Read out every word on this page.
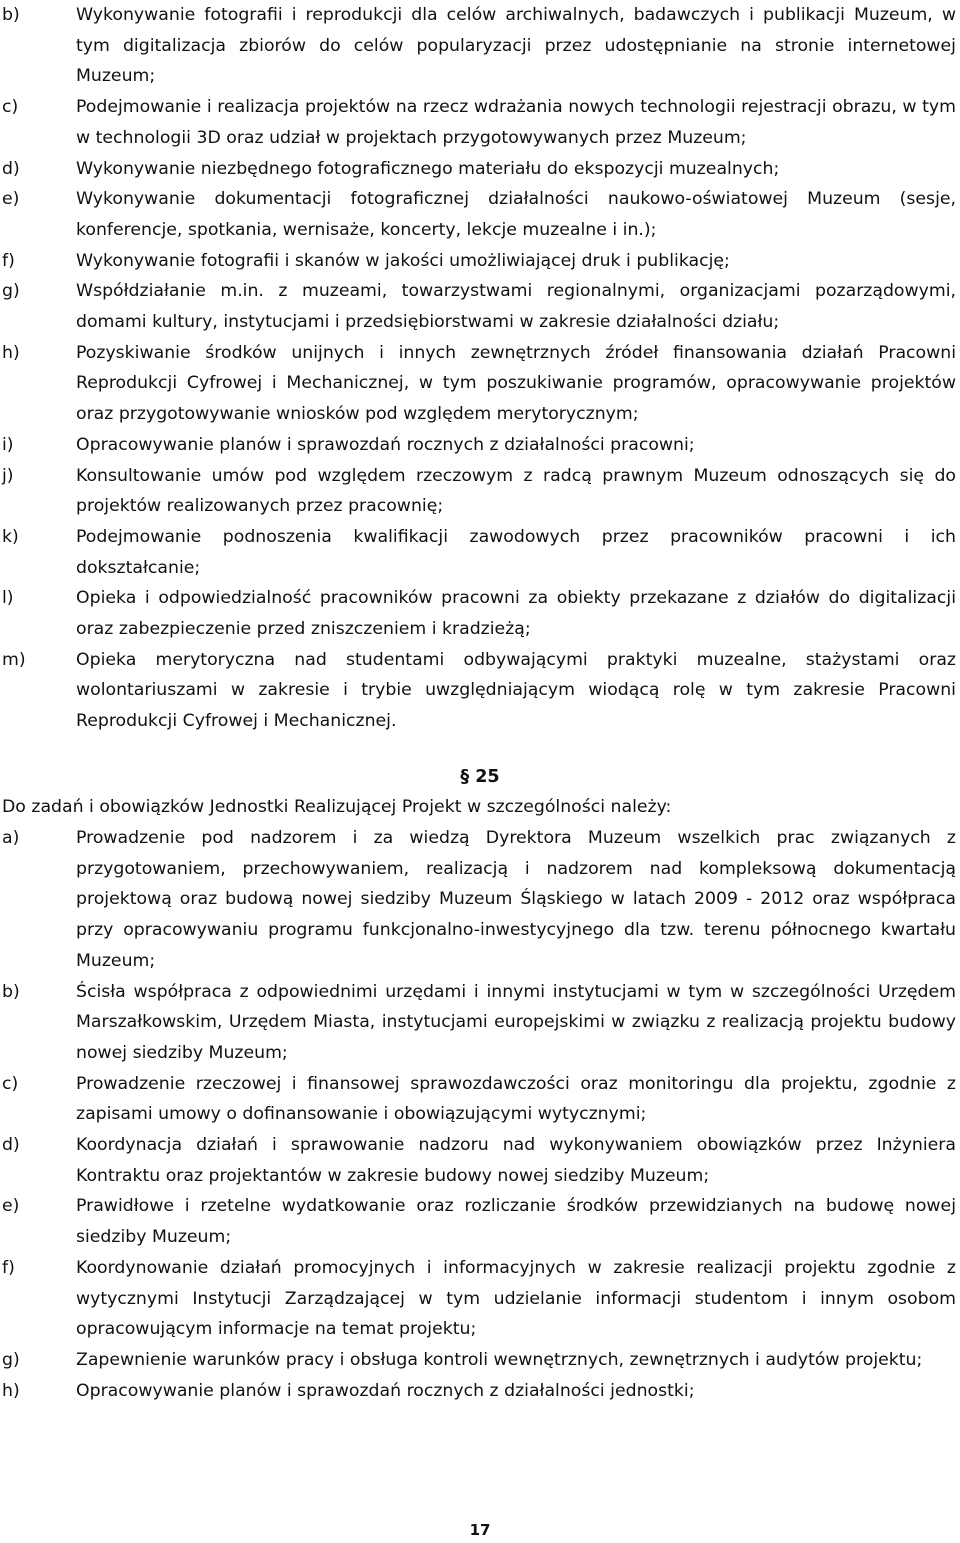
b)	Wykonywanie fotografii i reprodukcji dla celów archiwalnych, badawczych i publikacji Muzeum, w tym digitalizacja zbiorów do celów popularyzacji przez udostępnianie na stronie internetowej Muzeum;
c)	Podejmowanie i realizacja projektów na rzecz wdrażania nowych technologii rejestracji obrazu, w tym w technologii 3D oraz udział w projektach przygotowywanych przez Muzeum;
d)	Wykonywanie niezbędnego fotograficznego materiału do ekspozycji muzealnych;
e)	Wykonywanie dokumentacji fotograficznej działalności naukowo-oświatowej Muzeum (sesje, konferencje, spotkania, wernisaże, koncerty, lekcje muzealne i in.);
f)	Wykonywanie fotografii i skanów w jakości umożliwiającej druk i publikację;
g)	Współdziałanie m.in. z muzeami, towarzystwami regionalnymi, organizacjami pozarządowymi, domami kultury, instytucjami i przedsiębiorstwami w zakresie działalności działu;
h)	Pozyskiwanie środków unijnych i innych zewnętrznych źródeł finansowania działań Pracowni Reprodukcji Cyfrowej i Mechanicznej, w tym poszukiwanie programów, opracowywanie projektów oraz przygotowywanie wniosków pod względem merytorycznym;
i)	Opracowywanie planów i sprawozdań rocznych z działalności pracowni;
j)	Konsultowanie umów pod względem rzeczowym z radcą prawnym Muzeum odnoszących się do projektów realizowanych przez pracownię;
k)	Podejmowanie podnoszenia kwalifikacji zawodowych przez pracowników pracowni i ich dokształcanie;
l)	Opieka i odpowiedzialność pracowników pracowni za obiekty przekazane z działów do digitalizacji oraz zabezpieczenie przed zniszczeniem i kradzieżą;
m)	Opieka merytoryczna nad studentami odbywającymi praktyki muzealne, stażystami oraz wolontariuszami w zakresie i trybie uwzględniającym wiodącą rolę w tym zakresie Pracowni Reprodukcji Cyfrowej i Mechanicznej.
§ 25
Do zadań i obowiązków Jednostki Realizującej Projekt w szczególności należy:
a)	Prowadzenie pod nadzorem i za wiedzą Dyrektora Muzeum wszelkich prac związanych z przygotowaniem, przechowywaniem, realizacją i nadzorem nad kompleksową dokumentacją projektową oraz budową nowej siedziby Muzeum Śląskiego w latach 2009 - 2012 oraz współpraca przy opracowywaniu programu funkcjonalno-inwestycyjnego dla tzw. terenu północnego kwartału Muzeum;
b)	Ścisła współpraca z odpowiednimi urzędami i innymi instytucjami w tym w szczególności Urzędem Marszałkowskim, Urzędem Miasta, instytucjami europejskimi w związku z realizacją projektu budowy nowej siedziby Muzeum;
c)	Prowadzenie rzeczowej i finansowej sprawozdawczości oraz monitoringu dla projektu, zgodnie z zapisami umowy o dofinansowanie i obowiązującymi wytycznymi;
d)	Koordynacja działań i sprawowanie nadzoru nad wykonywaniem obowiązków przez Inżyniera Kontraktu oraz projektantów w zakresie budowy nowej siedziby Muzeum;
e)	Prawidłowe i rzetelne wydatkowanie oraz rozliczanie środków przewidzianych na budowę nowej siedziby Muzeum;
f)	Koordynowanie działań promocyjnych i informacyjnych w zakresie realizacji projektu zgodnie z wytycznymi Instytucji Zarządzającej w tym udzielanie informacji studentom i innym osobom opracowującym informacje na temat projektu;
g)	Zapewnienie warunków pracy i obsługa kontroli wewnętrznych, zewnętrznych i audytów projektu;
h)	Opracowywanie planów i sprawozdań rocznych z działalności jednostki;
17
